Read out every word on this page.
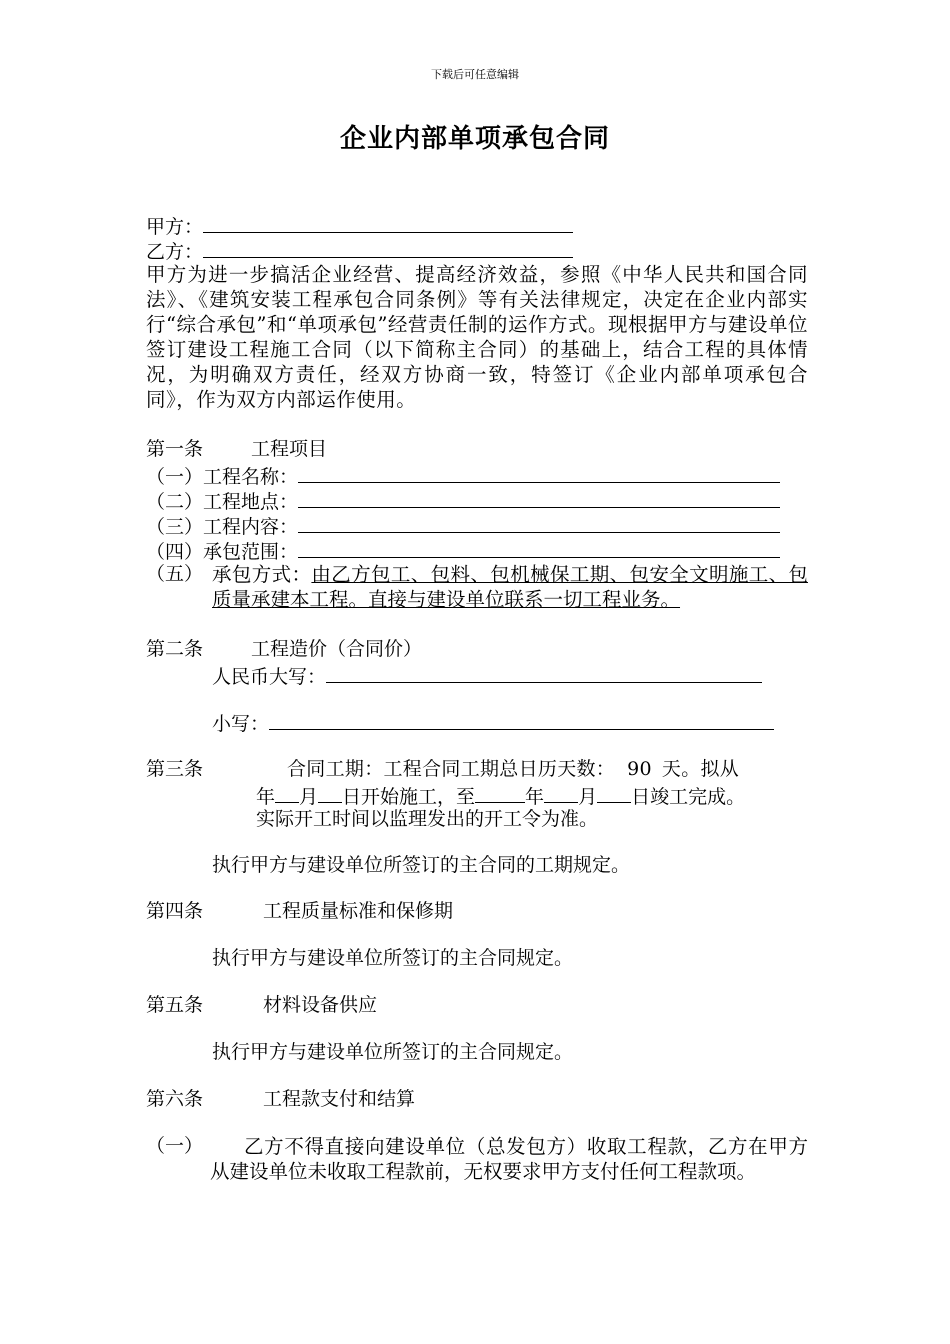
下载后可任意编辑
企业内部单项承包合同
甲方：
乙方：
甲方为进一步搞活企业经营、提高经济效益，参照《中华人民共和国合同法》、《建筑安装工程承包合同条例》等有关法律规定，决定在企业内部实行“综合承包”和“单项承包”经营责任制的运作方式。现根据甲方与建设单位签订建设工程施工合同（以下简称主合同）的基础上，结合工程的具体情况，为明确双方责任，经双方协商一致，特签订《企业内部单项承包合同》，作为双方内部运作使用。
第一条	工程项目
（一）工程名称：
（二）工程地点：
（三）工程内容：
（四）承包范围：
（五） 承包方式：由乙方包工、包料、包机械保工期、包安全文明施工、包质量承建本工程。直接与建设单位联系一切工程业务。
第二条	工程造价（合同价）
人民币大写：
小写：
第三条	合同工期：工程合同工期总日历天数： 90 天。拟从
年 月 日开始施工，至	年 月 日竣工完成。
实际开工时间以监理发出的开工令为准。
执行甲方与建设单位所签订的主合同的工期规定。
第四条	工程质量标准和保修期
执行甲方与建设单位所签订的主合同规定。
第五条	材料设备供应
执行甲方与建设单位所签订的主合同规定。
第六条	工程款支付和结算
（一）	乙方不得直接向建设单位（总发包方）收取工程款，乙方在甲方从建设单位未收取工程款前，无权要求甲方支付任何工程款项。
